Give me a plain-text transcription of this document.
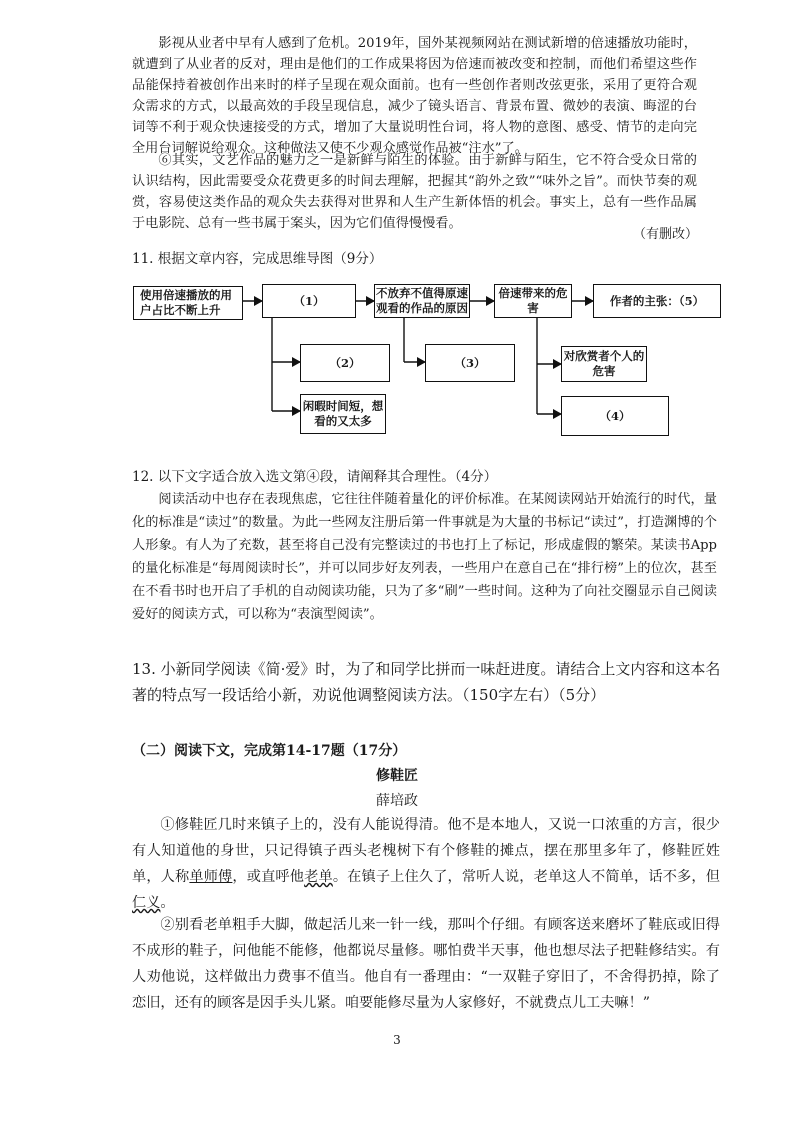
影视从业者中早有人感到了危机。2019年，国外某视频网站在测试新增的倍速播放功能时，就遭到了从业者的反对，理由是他们的工作成果将因为倍速而被改变和控制，而他们希望这些作品能保持着被创作出来时的样子呈现在观众面前。也有一些创作者则改弦更张，采用了更符合观众需求的方式，以最高效的手段呈现信息，减少了镜头语言、背景布置、微妙的表演、晦涩的台词等不利于观众快速接受的方式，增加了大量说明性台词，将人物的意图、感受、情节的走向完全用台词解说给观众。这种做法又使不少观众感觉作品被“注水”了。

⑥其实，文艺作品的魅力之一是新鲜与陌生的体验。由于新鲜与陌生，它不符合受众日常的认识结构，因此需要受众花费更多的时间去理解，把握其“韵外之致”“味外之旨”。而快节奏的观赏，容易使这类作品的观众失去获得对世界和人生产生新体悟的机会。事实上，总有一些作品属于电影院、总有一些书属于案头，因为它们值得慢慢看。

（有删改）
11. 根据文章内容，完成思维导图（9分）
使用倍速播放的用户占比不断上升
（1）
不放弃不值得原速观看的作品的原因
倍速带来的危害
作者的主张：（5）
（2）	（3）	对欣赏者个人的危害
闲暇时间短，想看的又太多	（4）
12. 以下文字适合放入选文第④段，请阐释其合理性。（4分）

阅读活动中也存在表现焦虑，它往往伴随着量化的评价标准。在某阅读网站开始流行的时代，量化的标准是“读过”的数量。为此一些网友注册后第一件事就是为大量的书标记“读过”，打造渊博的个人形象。有人为了充数，甚至将自己没有完整读过的书也打上了标记，形成虚假的繁荣。某读书App的量化标准是“每周阅读时长”，并可以同步好友列表，一些用户在意自己在“排行榜”上的位次，甚至在不看书时也开启了手机的自动阅读功能，只为了多“刷”一些时间。这种为了向社交圈显示自己阅读爱好的阅读方式，可以称为“表演型阅读”。

13. 小新同学阅读《简·爱》时，为了和同学比拼而一味赶进度。请结合上文内容和这本名著的特点写一段话给小新，劝说他调整阅读方法。（150字左右）（5分）
（二）阅读下文，完成第14-17题（17分）
修鞋匠
薛培政

①修鞋匠几时来镇子上的，没有人能说得清。他不是本地人，又说一口浓重的方言，很少有人知道他的身世，只记得镇子西头老槐树下有个修鞋的摊点，摆在那里多年了，修鞋匠姓单，人称单师傅，或直呼他老单。在镇子上住久了，常听人说，老单这人不简单，话不多，但仁义。

②别看老单粗手大脚，做起活儿来一针一线，那叫个仔细。有顾客送来磨坏了鞋底或旧得不成形的鞋子，问他能不能修，他都说尽量修。哪怕费半天事，他也想尽法子把鞋修结实。有人劝他说，这样做出力费事不值当。他自有一番理由：“一双鞋子穿旧了，不舍得扔掉，除了恋旧，还有的顾客是因手头儿紧。咱要能修尽量为人家修好，不就费点儿工夫嘛！”

3
